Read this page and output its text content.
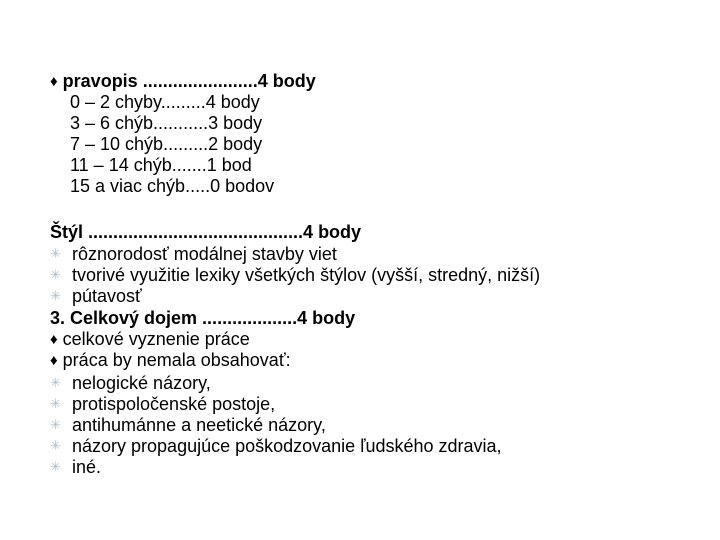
♦ pravopis .......................4 body
0 – 2 chyby.........4 body
3 – 6 chýb...........3 body
7 – 10 chýb.........2 body
11 – 14 chýb.......1 bod
15 a viac chýb.....0 bodov
Štýl ...........................................4 body
✳ rôznorodosť modálnej stavby viet
✳ tvorivé využitie lexiky všetkých štýlov (vyšší, stredný, nižší)
✳ pútavosť
3. Celkový dojem ...................4 body
♦ celkové vyznenie práce
♦ práca by nemala obsahovať:
✳ nelogické názory,
✳ protispoločenské postoje,
✳ antihumánne a neetické názory,
✳ názory propagujúce poškodzovanie ľudského zdravia,
✳ iné.
